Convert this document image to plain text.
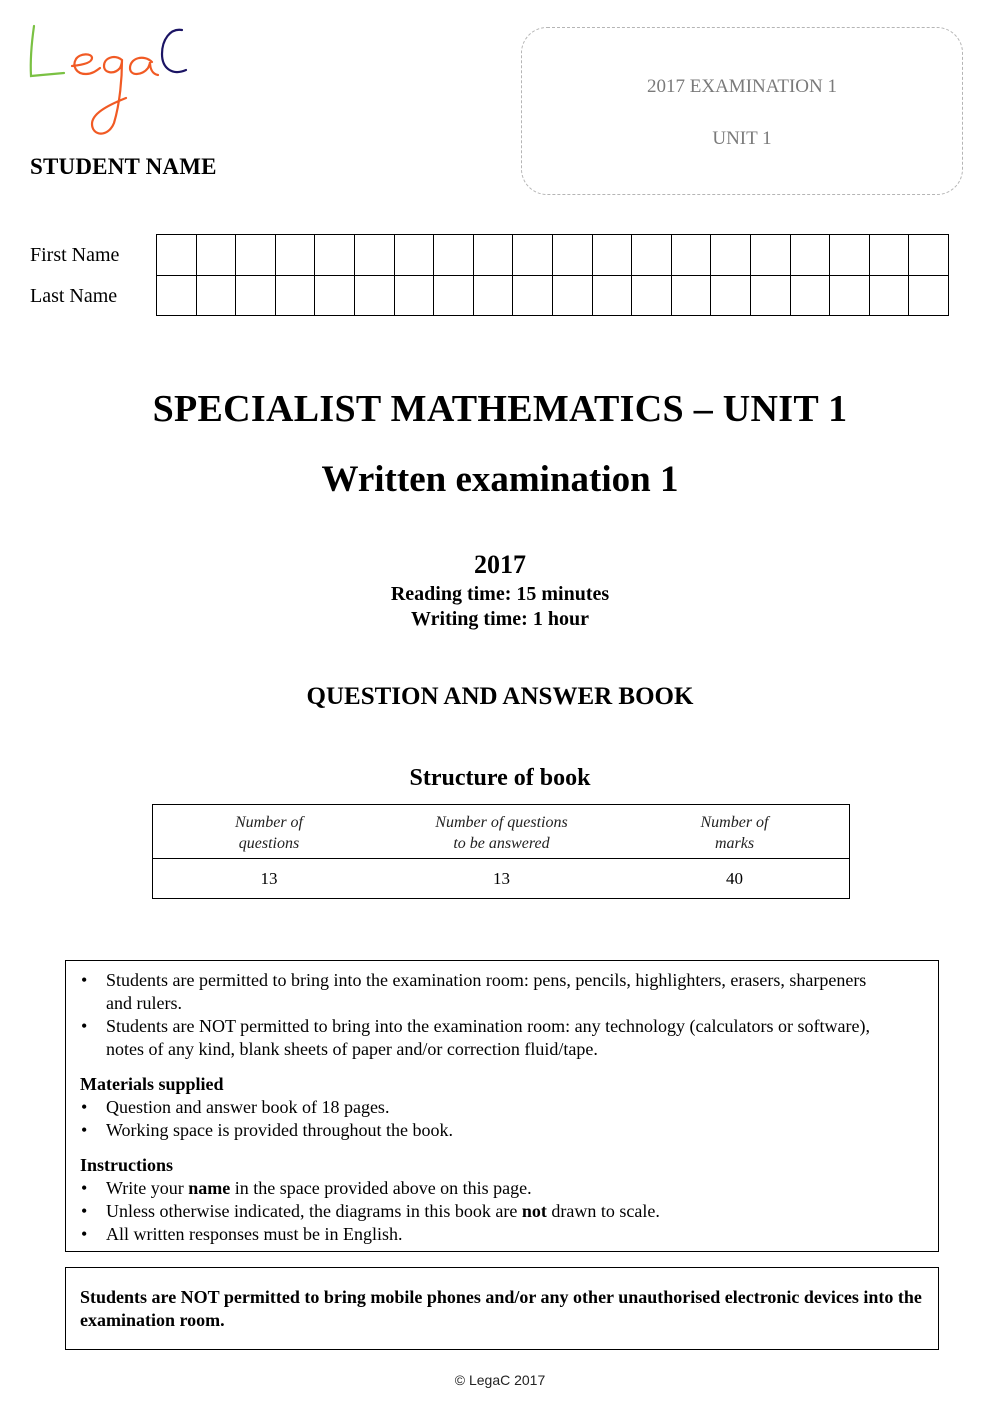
STUDENT NAME
2017 EXAMINATION 1
UNIT 1
First Name
Last Name
SPECIALIST MATHEMATICS – UNIT 1
Written examination 1
2017
Reading time: 15 minutes
Writing time: 1 hour
QUESTION AND ANSWER BOOK
Structure of book
Number of
questions
Number of questions
to be answered
Number of
marks
13	13	40
• Students are permitted to bring into the examination room: pens, pencils, highlighters, erasers, sharpeners and rulers.
• Students are NOT permitted to bring into the examination room: any technology (calculators or software), notes of any kind, blank sheets of paper and/or correction fluid/tape.
Materials supplied
• Question and answer book of 18 pages.
• Working space is provided throughout the book.
Instructions
• Write your name in the space provided above on this page.
• Unless otherwise indicated, the diagrams in this book are not drawn to scale.
• All written responses must be in English.
Students are NOT permitted to bring mobile phones and/or any other unauthorised electronic devices into the examination room.
© LegaC 2017
